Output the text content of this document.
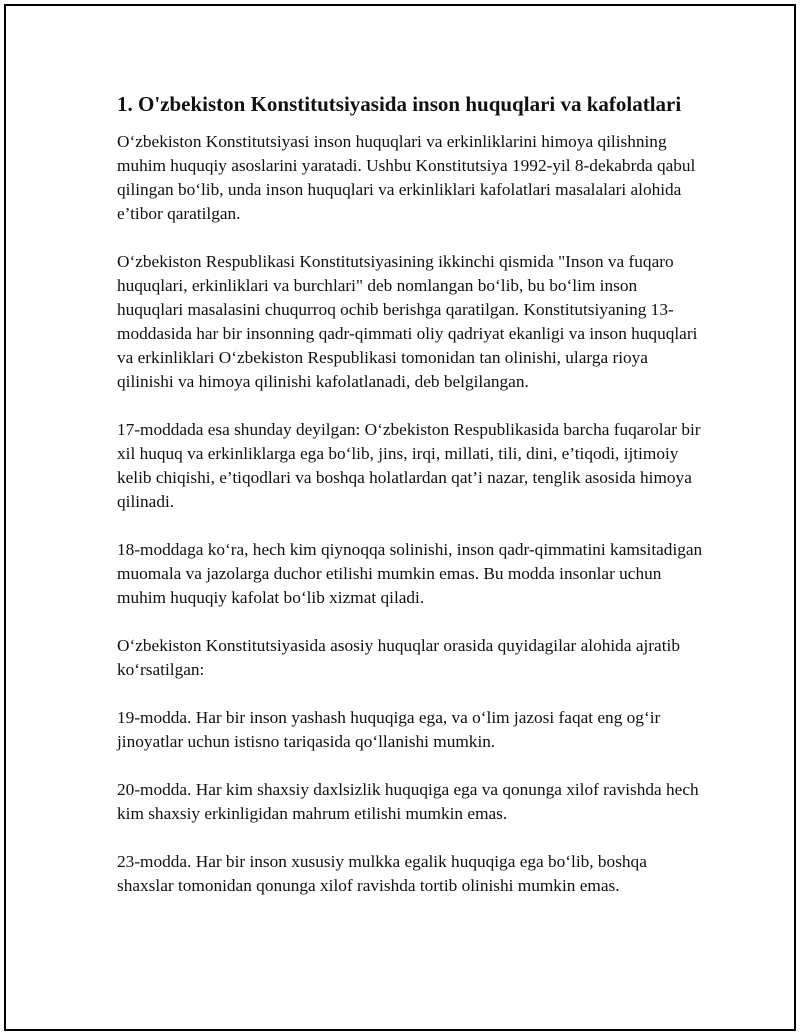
1. O'zbekiston Konstitutsiyasida inson huquqlari va kafolatlari

O‘zbekiston Konstitutsiyasi inson huquqlari va erkinliklarini himoya qilishning muhim huquqiy asoslarini yaratadi. Ushbu Konstitutsiya 1992-yil 8-dekabrda qabul qilingan bo‘lib, unda inson huquqlari va erkinliklari kafolatlari masalalari alohida e’tibor qaratilgan.

O‘zbekiston Respublikasi Konstitutsiyasining ikkinchi qismida "Inson va fuqaro huquqlari, erkinliklari va burchlari" deb nomlangan bo‘lib, bu bo‘lim inson huquqlari masalasini chuqurroq ochib berishga qaratilgan. Konstitutsiyaning 13-moddasida har bir insonning qadr-qimmati oliy qadriyat ekanligi va inson huquqlari va erkinliklari O‘zbekiston Respublikasi tomonidan tan olinishi, ularga rioya qilinishi va himoya qilinishi kafolatlanadi, deb belgilangan.

17-moddada esa shunday deyilgan: O‘zbekiston Respublikasida barcha fuqarolar bir xil huquq va erkinliklarga ega bo‘lib, jins, irqi, millati, tili, dini, e’tiqodi, ijtimoiy kelib chiqishi, e’tiqodlari va boshqa holatlardan qat’i nazar, tenglik asosida himoya qilinadi.

18-moddaga ko‘ra, hech kim qiynoqqa solinishi, inson qadr-qimmatini kamsitadigan muomala va jazolarga duchor etilishi mumkin emas. Bu modda insonlar uchun muhim huquqiy kafolat bo‘lib xizmat qiladi.

O‘zbekiston Konstitutsiyasida asosiy huquqlar orasida quyidagilar alohida ajratib ko‘rsatilgan:

19-modda. Har bir inson yashash huquqiga ega, va o‘lim jazosi faqat eng og‘ir jinoyatlar uchun istisno tariqasida qo‘llanishi mumkin.

20-modda. Har kim shaxsiy daxlsizlik huquqiga ega va qonunga xilof ravishda hech kim shaxsiy erkinligidan mahrum etilishi mumkin emas.

23-modda. Har bir inson xususiy mulkka egalik huquqiga ega bo‘lib, boshqa shaxslar tomonidan qonunga xilof ravishda tortib olinishi mumkin emas.
